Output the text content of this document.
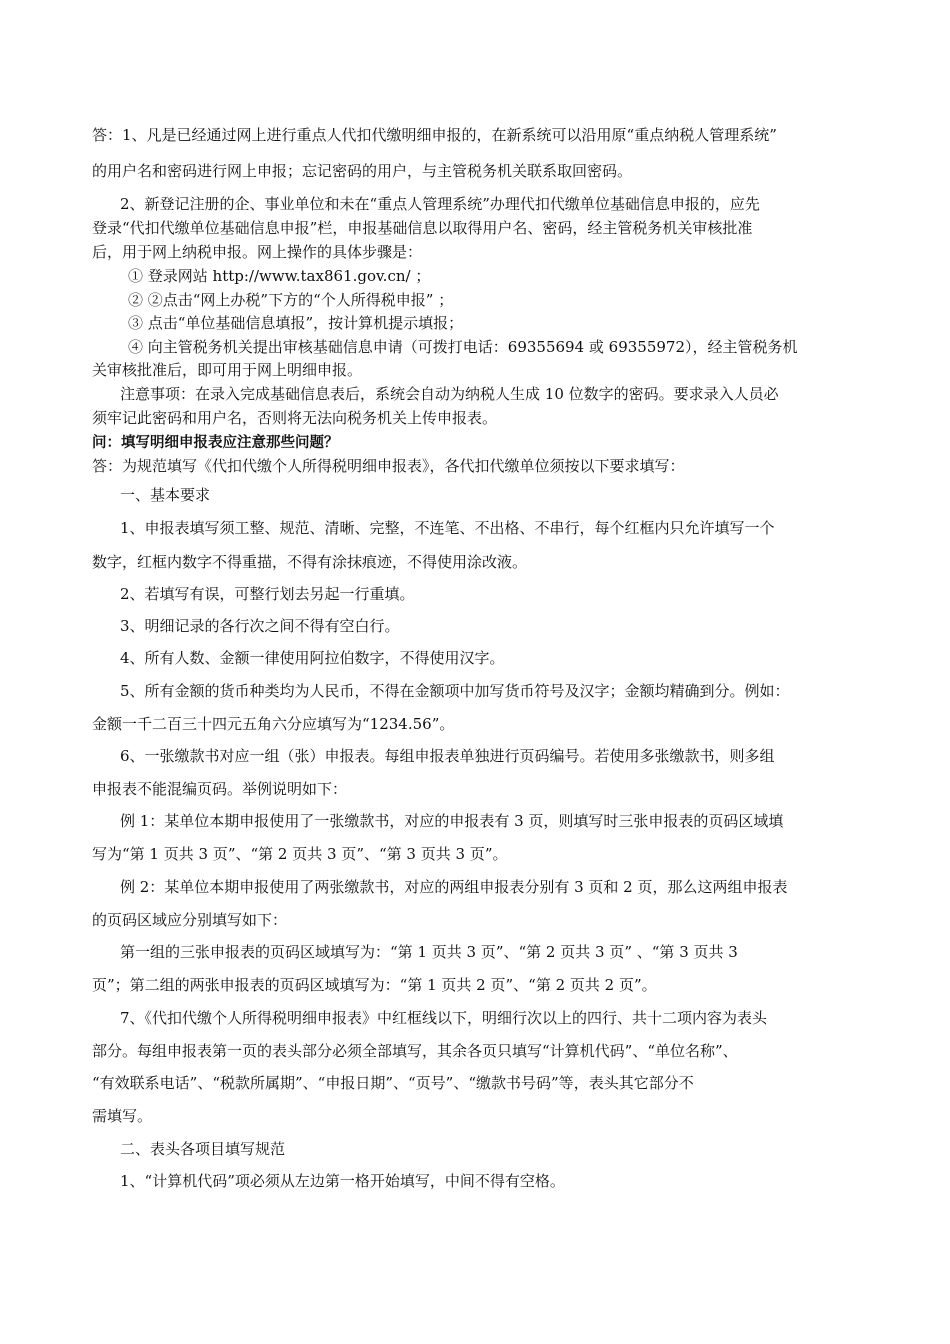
答：1、凡是已经通过网上进行重点人代扣代缴明细申报的，在新系统可以沿用原“重点纳税人管理系统”
的用户名和密码进行网上申报；忘记密码的用户，与主管税务机关联系取回密码。
2、新登记注册的企、事业单位和未在“重点人管理系统”办理代扣代缴单位基础信息申报的，应先
登录“代扣代缴单位基础信息申报”栏，申报基础信息以取得用户名、密码，经主管税务机关审核批准
后，用于网上纳税申报。网上操作的具体步骤是：
① 登录网站 http://www.tax861.gov.cn/ ；
② ②点击“网上办税”下方的“个人所得税申报” ；
③ 点击“单位基础信息填报”，按计算机提示填报；
④ 向主管税务机关提出审核基础信息申请（可拨打电话：69355694 或 69355972），经主管税务机
关审核批准后，即可用于网上明细申报。
注意事项：在录入完成基础信息表后，系统会自动为纳税人生成 10 位数字的密码。要求录入人员必
须牢记此密码和用户名，否则将无法向税务机关上传申报表。
问：填写明细申报表应注意那些问题？
答：为规范填写《代扣代缴个人所得税明细申报表》，各代扣代缴单位须按以下要求填写：
一、基本要求
1、申报表填写须工整、规范、清晰、完整，不连笔、不出格、不串行，每个红框内只允许填写一个
数字，红框内数字不得重描，不得有涂抹痕迹，不得使用涂改液。
2、若填写有误，可整行划去另起一行重填。
3、明细记录的各行次之间不得有空白行。
4、所有人数、金额一律使用阿拉伯数字，不得使用汉字。
5、所有金额的货币种类均为人民币，不得在金额项中加写货币符号及汉字；金额均精确到分。例如：
金额一千二百三十四元五角六分应填写为“1234.56”。
6、一张缴款书对应一组（张）申报表。每组申报表单独进行页码编号。若使用多张缴款书，则多组
申报表不能混编页码。举例说明如下：
例 1：某单位本期申报使用了一张缴款书，对应的申报表有 3 页，则填写时三张申报表的页码区域填
写为“第 1 页共 3 页”、“第 2 页共 3 页”、“第 3 页共 3 页”。
例 2：某单位本期申报使用了两张缴款书，对应的两组申报表分别有 3 页和 2 页，那么这两组申报表
的页码区域应分别填写如下：
第一组的三张申报表的页码区域填写为：“第 1 页共 3 页”、“第 2 页共 3 页” 、“第 3 页共 3
页”；第二组的两张申报表的页码区域填写为：“第 1 页共 2 页”、“第 2 页共 2 页”。
7、《代扣代缴个人所得税明细申报表》中红框线以下，明细行次以上的四行、共十二项内容为表头
部分。每组申报表第一页的表头部分必须全部填写，其余各页只填写“计算机代码”、“单位名称”、
“有效联系电话”、“税款所属期”、“申报日期”、“页号”、“缴款书号码”等，表头其它部分不
需填写。
二、表头各项目填写规范
1、“计算机代码”项必须从左边第一格开始填写，中间不得有空格。
